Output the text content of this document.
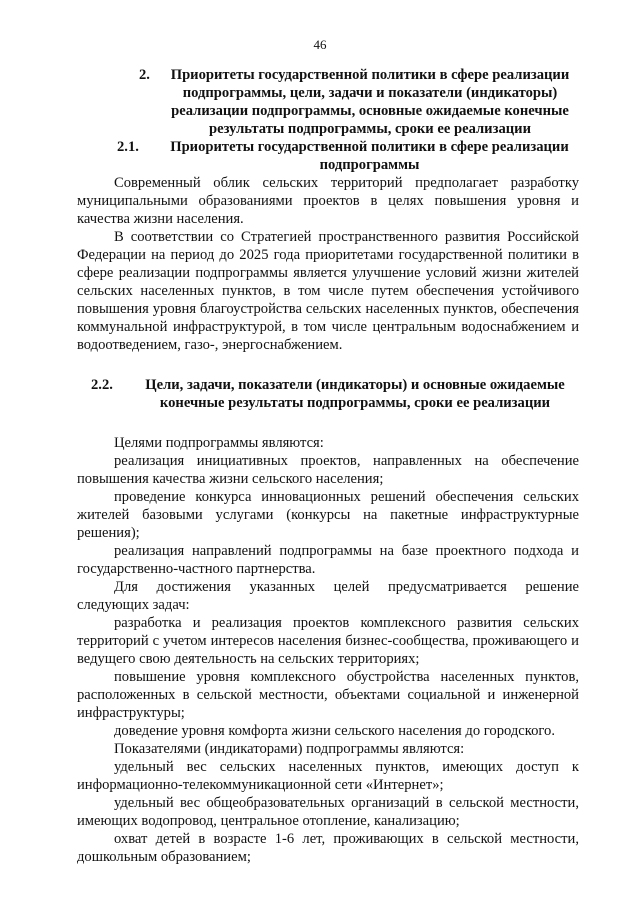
46
2.	Приоритеты государственной политики в сфере реализации подпрограммы, цели, задачи и показатели (индикаторы) реализации подпрограммы, основные ожидаемые конечные результаты подпрограммы, сроки ее реализации
2.1.	Приоритеты государственной политики в сфере реализации подпрограммы

Современный облик сельских территорий предполагает разработку муниципальными образованиями проектов в целях повышения уровня и качества жизни населения.

В соответствии со Стратегией пространственного развития Российской Федерации на период до 2025 года приоритетами государственной политики в сфере реализации подпрограммы является улучшение условий жизни жителей сельских населенных пунктов, в том числе путем обеспечения устойчивого повышения уровня благоустройства сельских населенных пунктов, обеспечения коммунальной инфраструктурой, в том числе центральным водоснабжением и водоотведением, газо-, энергоснабжением.

2.2.	Цели, задачи, показатели (индикаторы) и основные ожидаемые конечные результаты подпрограммы, сроки ее реализации

Целями подпрограммы являются:

реализация инициативных проектов, направленных на обеспечение повышения качества жизни сельского населения;

проведение конкурса инновационных решений обеспечения сельских жителей базовыми услугами (конкурсы на пакетные инфраструктурные решения);

реализация направлений подпрограммы на базе проектного подхода и государственно-частного партнерства.

Для достижения указанных целей предусматривается решение следующих задач:

разработка и реализация проектов комплексного развития сельских территорий с учетом интересов населения бизнес-сообщества, проживающего и ведущего свою деятельность на сельских территориях;

повышение уровня комплексного обустройства населенных пунктов, расположенных в сельской местности, объектами социальной и инженерной инфраструктуры;

доведение уровня комфорта жизни сельского населения до городского.

Показателями (индикаторами) подпрограммы являются:

удельный вес сельских населенных пунктов, имеющих доступ к информационно-телекоммуникационной сети «Интернет»;

удельный вес общеобразовательных организаций в сельской местности, имеющих водопровод, центральное отопление, канализацию;

охват детей в возрасте 1-6 лет, проживающих в сельской местности, дошкольным образованием;
